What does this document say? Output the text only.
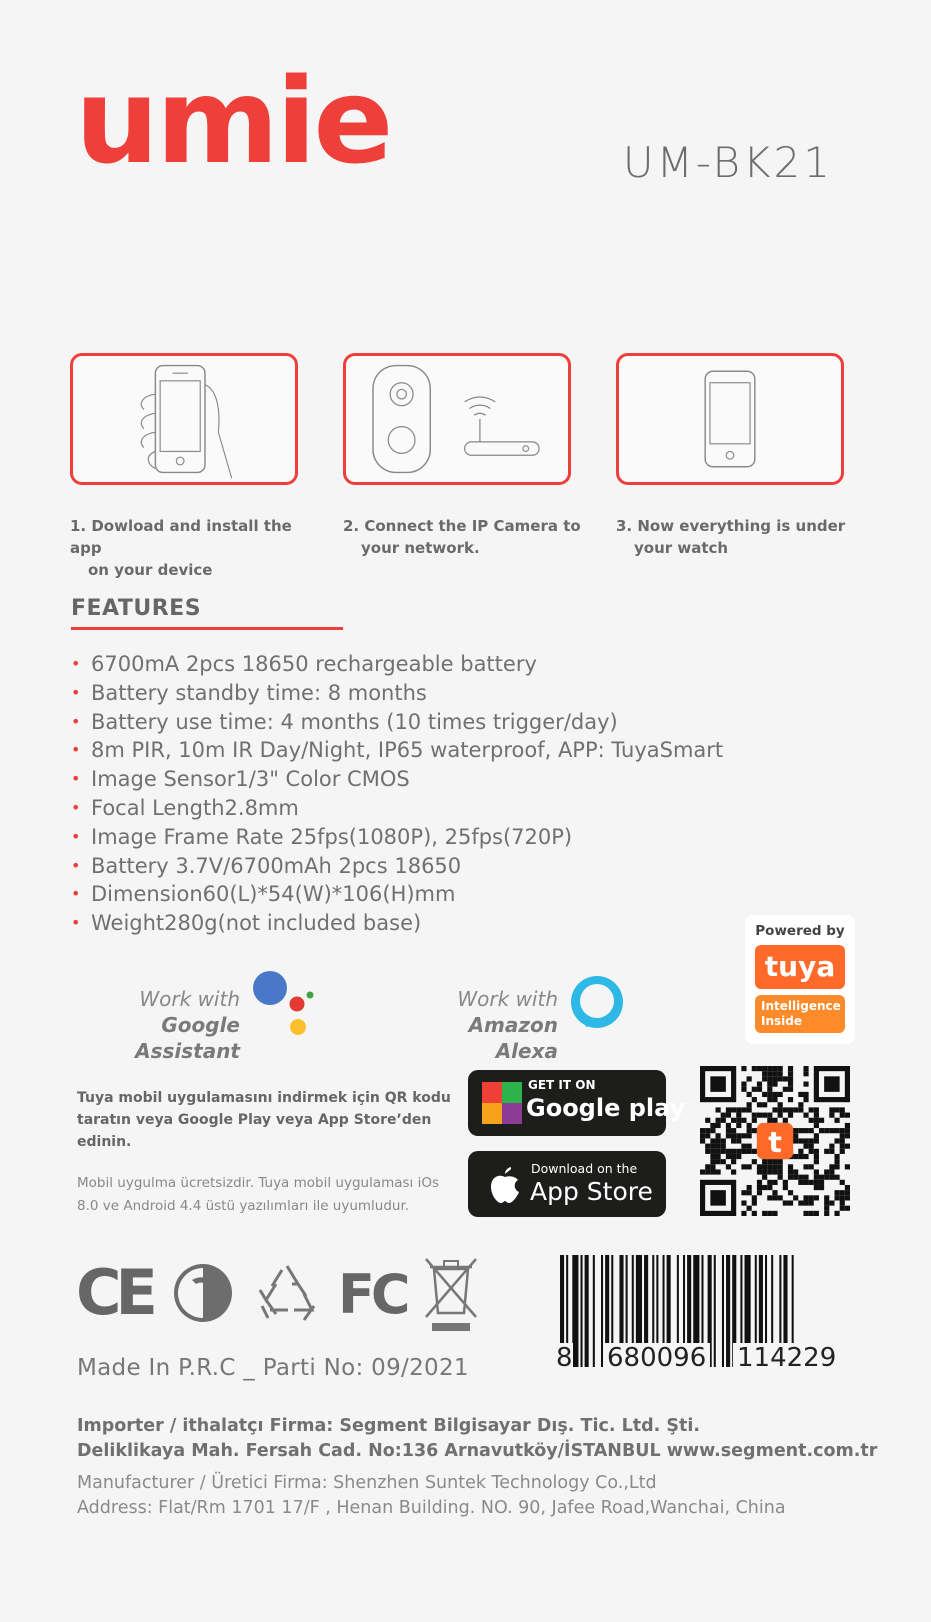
umie	UM-BK21
1. Dowload and install the app
on your device
2. Connect the IP Camera to
your network.
3. Now everything is under
your watch
FEATURES
• 6700mA 2pcs 18650 rechargeable battery
• Battery standby time: 8 months
• Battery use time: 4 months (10 times trigger/day)
• 8m PIR, 10m IR Day/Night, IP65 waterproof, APP: TuyaSmart
• Image Sensor1/3" Color CMOS
• Focal Length2.8mm
• Image Frame Rate 25fps(1080P), 25fps(720P)
• Battery 3.7V/6700mAh 2pcs 18650
• Dimension60(L)*54(W)*106(H)mm
• Weight280g(not included base)	Powered by
tuya
Intelligence
Inside
Work with
Google Assistant
Work with
Amazon Alexa
Tuya mobil uygulamasını indirmek için QR kodu taratın veya Google Play veya App Store’den edinin.
Mobil uygulma ücretsizdir. Tuya mobil uygulaması iOs 8.0 ve Android 4.4 üstü yazılımları ile uyumludur.
GET IT ON
Google play
Download on the
App Store
t
CE	FC
Made In P.R.C _ Parti No: 09/2021	8 680096 114229
Importer / ithalatçı Firma: Segment Bilgisayar Dış. Tic. Ltd. Şti.
Deliklikaya Mah. Fersah Cad. No:136 Arnavutköy/İSTANBUL www.segment.com.tr
Manufacturer / Üretici Firma: Shenzhen Suntek Technology Co.,Ltd
Address: Flat/Rm 1701 17/F , Henan Building. NO. 90, Jafee Road,Wanchai, China
